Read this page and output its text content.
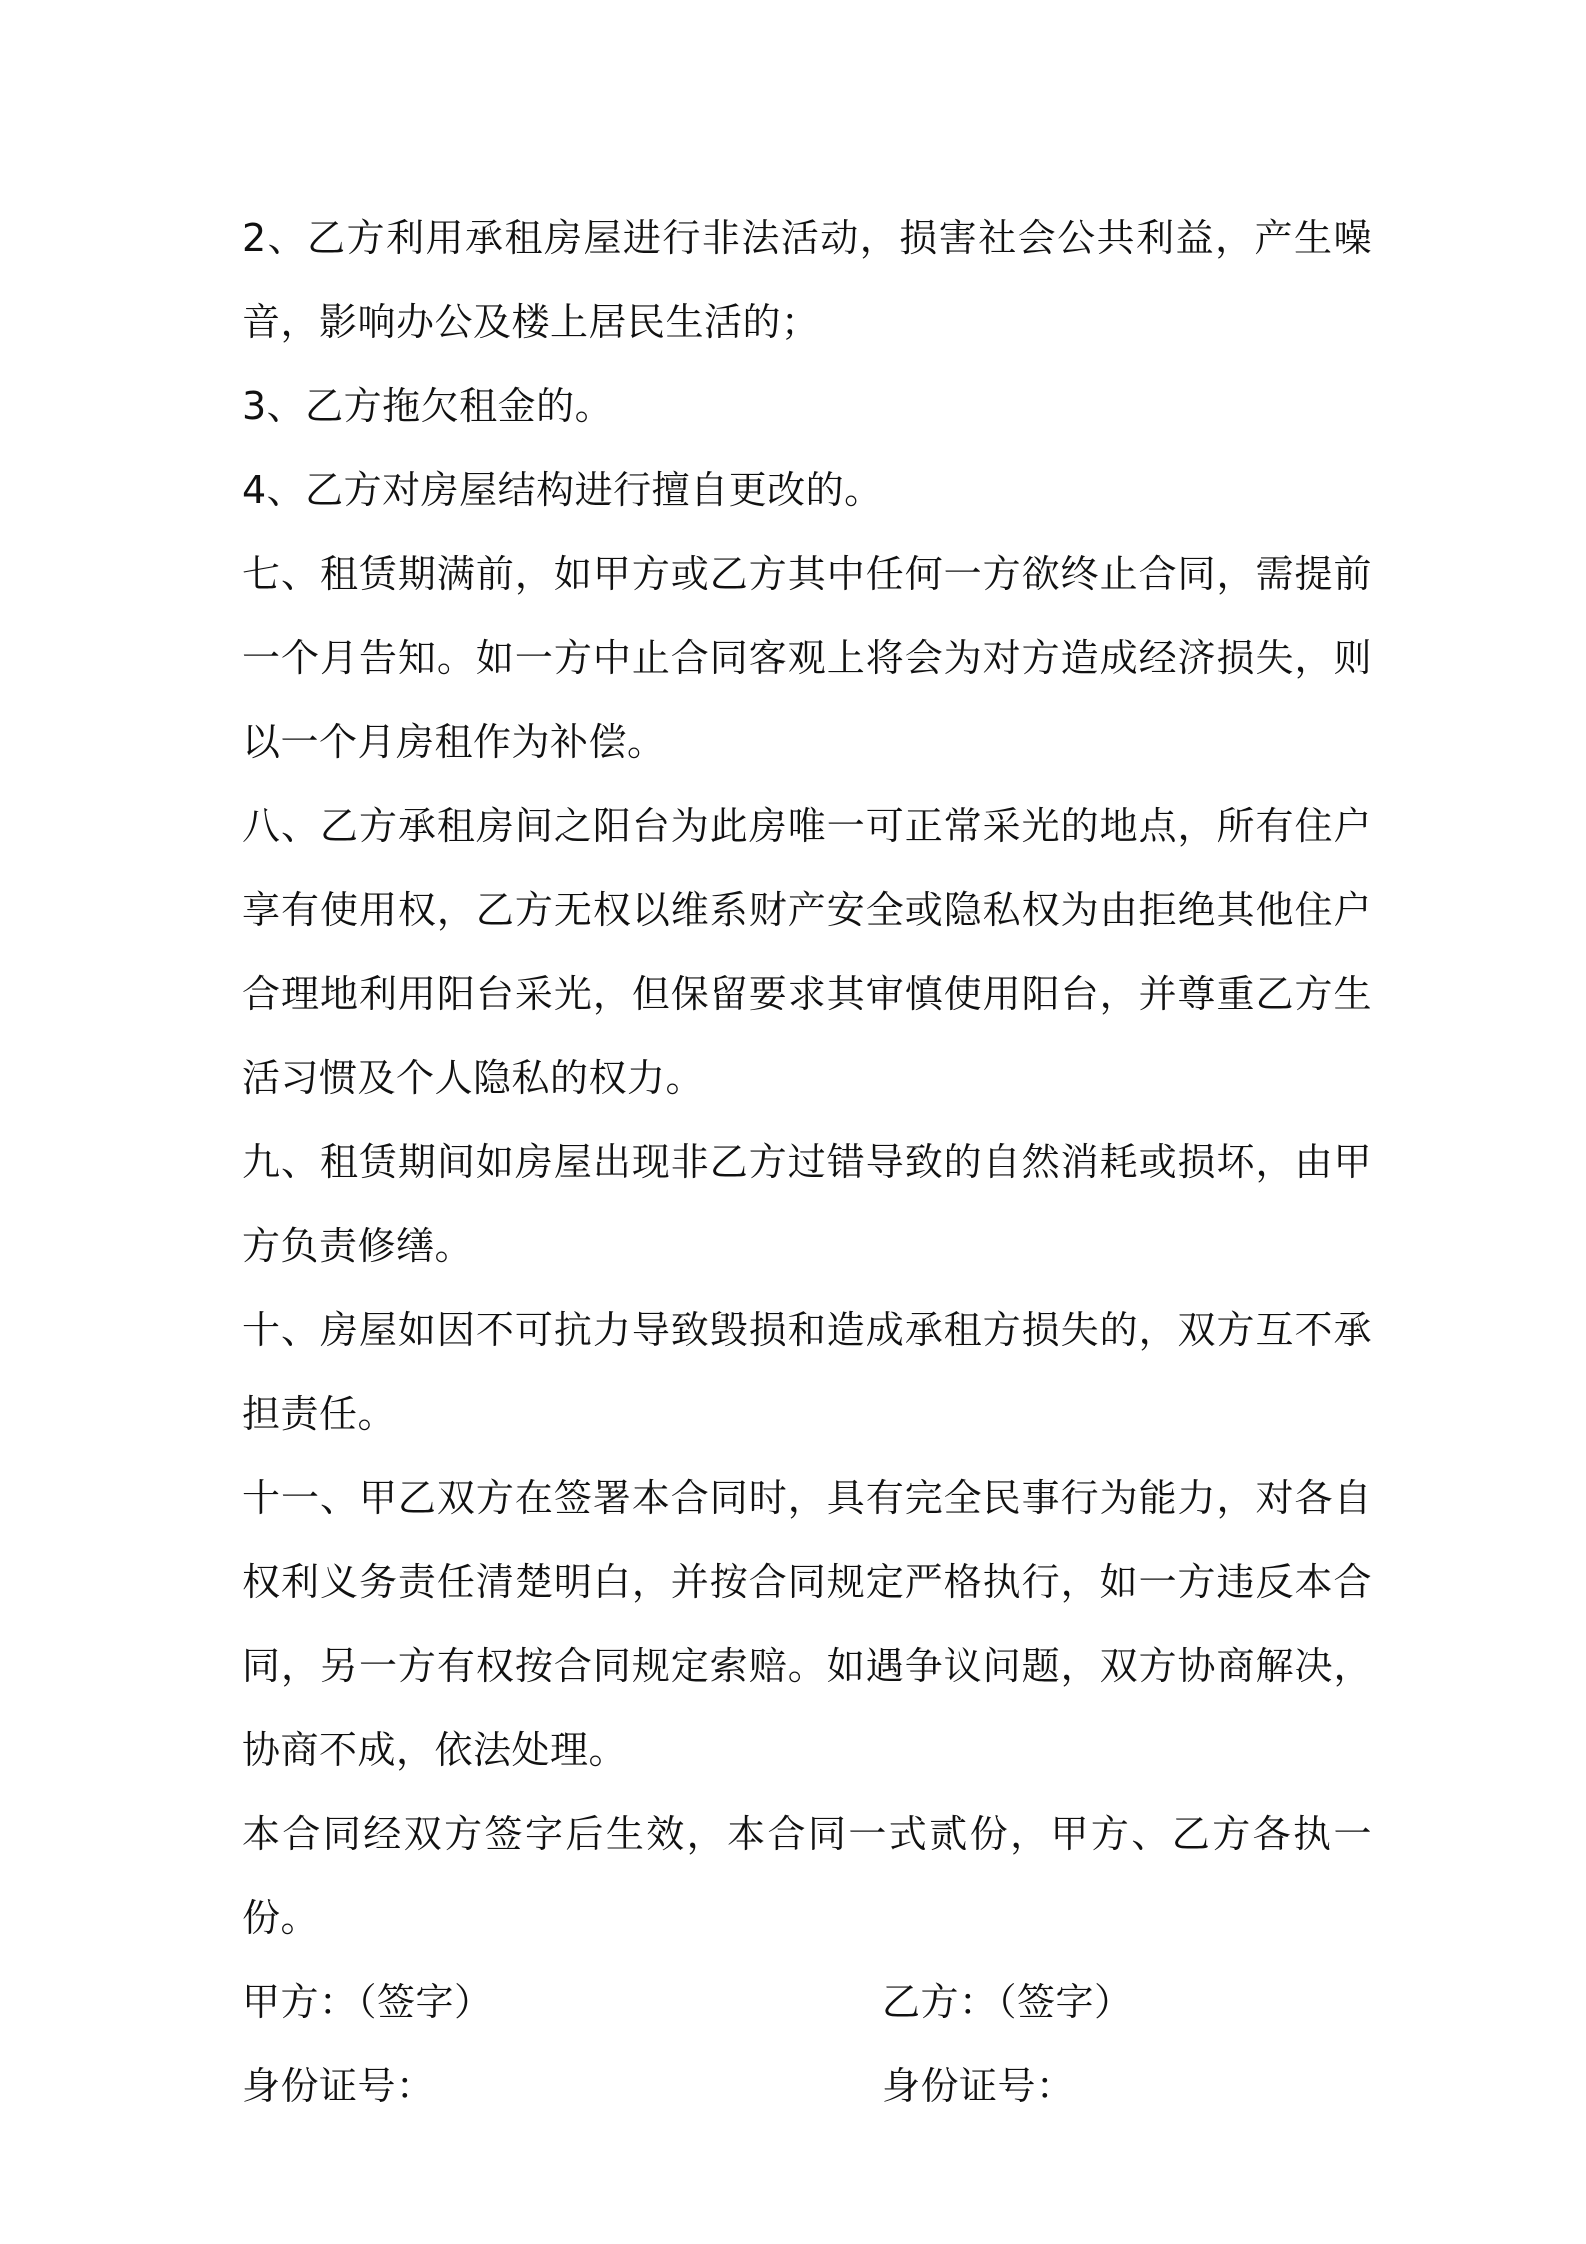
2、乙方利用承租房屋进行非法活动，损害社会公共利益，产生噪音，影响办公及楼上居民生活的；

3、乙方拖欠租金的。

4、乙方对房屋结构进行擅自更改的。

七、租赁期满前，如甲方或乙方其中任何一方欲终止合同，需提前一个月告知。如一方中止合同客观上将会为对方造成经济损失，则以一个月房租作为补偿。

八、乙方承租房间之阳台为此房唯一可正常采光的地点，所有住户享有使用权，乙方无权以维系财产安全或隐私权为由拒绝其他住户合理地利用阳台采光，但保留要求其审慎使用阳台，并尊重乙方生活习惯及个人隐私的权力。

九、租赁期间如房屋出现非乙方过错导致的自然消耗或损坏，由甲方负责修缮。

十、房屋如因不可抗力导致毁损和造成承租方损失的，双方互不承担责任。

十一、甲乙双方在签署本合同时，具有完全民事行为能力，对各自权利义务责任清楚明白，并按合同规定严格执行，如一方违反本合同，另一方有权按合同规定索赔。如遇争议问题，双方协商解决，协商不成，依法处理。

本合同经双方签字后生效，本合同一式贰份，甲方、乙方各执一份。

甲方：（签字）	乙方：（签字）
身份证号：	身份证号：
